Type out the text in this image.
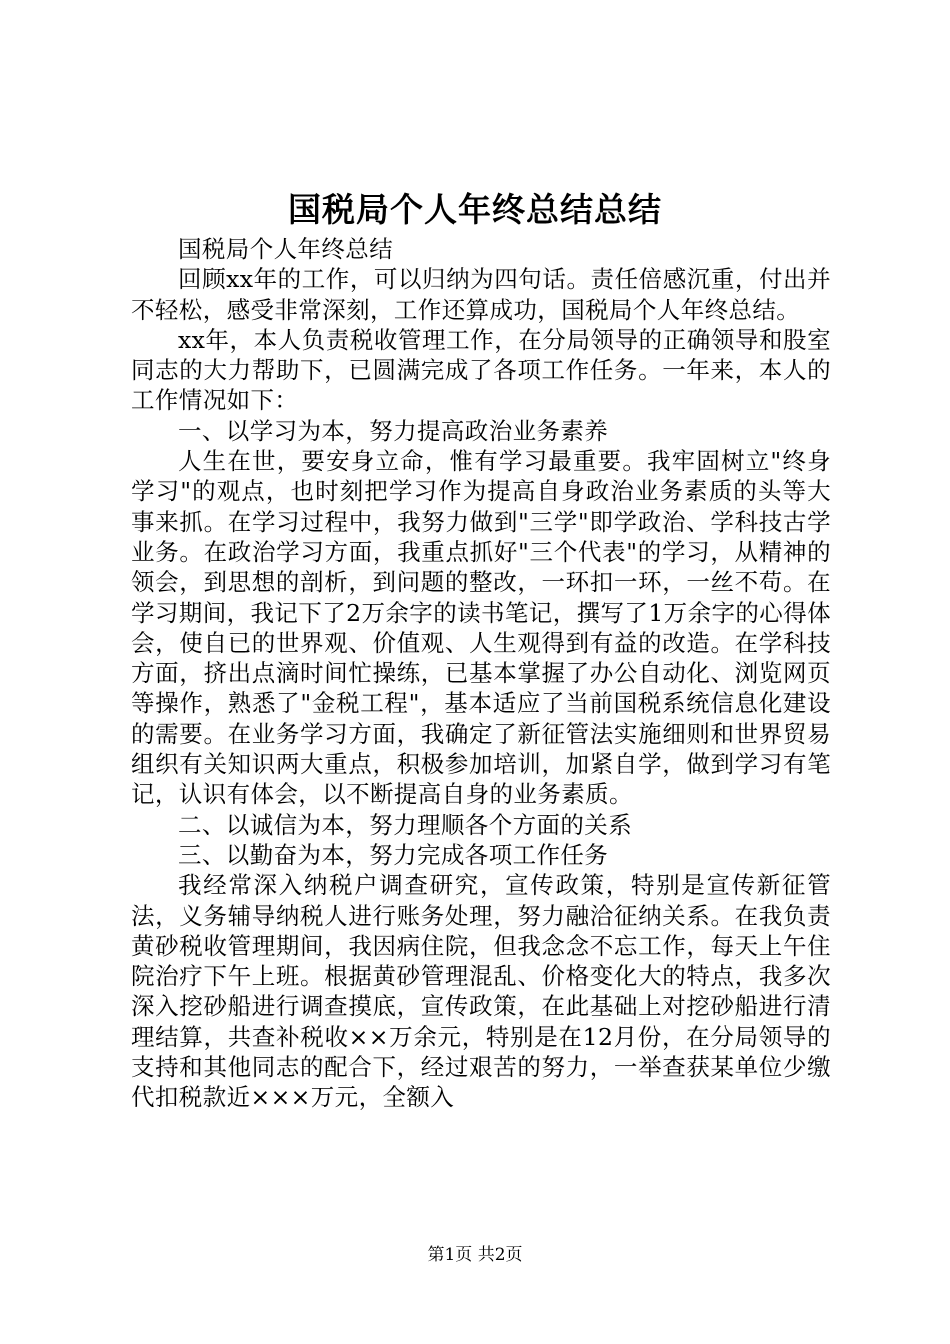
国税局个人年终总结总结

国税局个人年终总结

回顾xx年的工作，可以归纳为四句话。责任倍感沉重，付出并不轻松，感受非常深刻，工作还算成功，国税局个人年终总结。

xx年，本人负责税收管理工作，在分局领导的正确领导和股室同志的大力帮助下，已圆满完成了各项工作任务。一年来，本人的工作情况如下：

一、以学习为本，努力提高政治业务素养

人生在世，要安身立命，惟有学习最重要。我牢固树立"终身学习"的观点，也时刻把学习作为提高自身政治业务素质的头等大事来抓。在学习过程中，我努力做到"三学"即学政治、学科技古学业务。在政治学习方面，我重点抓好"三个代表"的学习，从精神的领会，到思想的剖析，到问题的整改，一环扣一环，一丝不苟。在学习期间，我记下了2万余字的读书笔记，撰写了1万余字的心得体会，使自已的世界观、价值观、人生观得到有益的改造。在学科技方面，挤出点滴时间忙操练，已基本掌握了办公自动化、浏览网页等操作，熟悉了"金税工程"，基本适应了当前国税系统信息化建设的需要。在业务学习方面，我确定了新征管法实施细则和世界贸易组织有关知识两大重点，积极参加培训，加紧自学，做到学习有笔记，认识有体会，以不断提高自身的业务素质。

二、以诚信为本，努力理顺各个方面的关系

三、以勤奋为本，努力完成各项工作任务

我经常深入纳税户调查研究，宣传政策，特别是宣传新征管法，义务辅导纳税人进行账务处理，努力融洽征纳关系。在我负责黄砂税收管理期间，我因病住院，但我念念不忘工作，每天上午住院治疗下午上班。根据黄砂管理混乱、价格变化大的特点，我多次深入挖砂船进行调查摸底，宣传政策，在此基础上对挖砂船进行清理结算，共查补税收××万余元，特别是在12月份，在分局领导的支持和其他同志的配合下，经过艰苦的努力，一举查获某单位少缴代扣税款近×××万元，全额入

第1页 共2页
